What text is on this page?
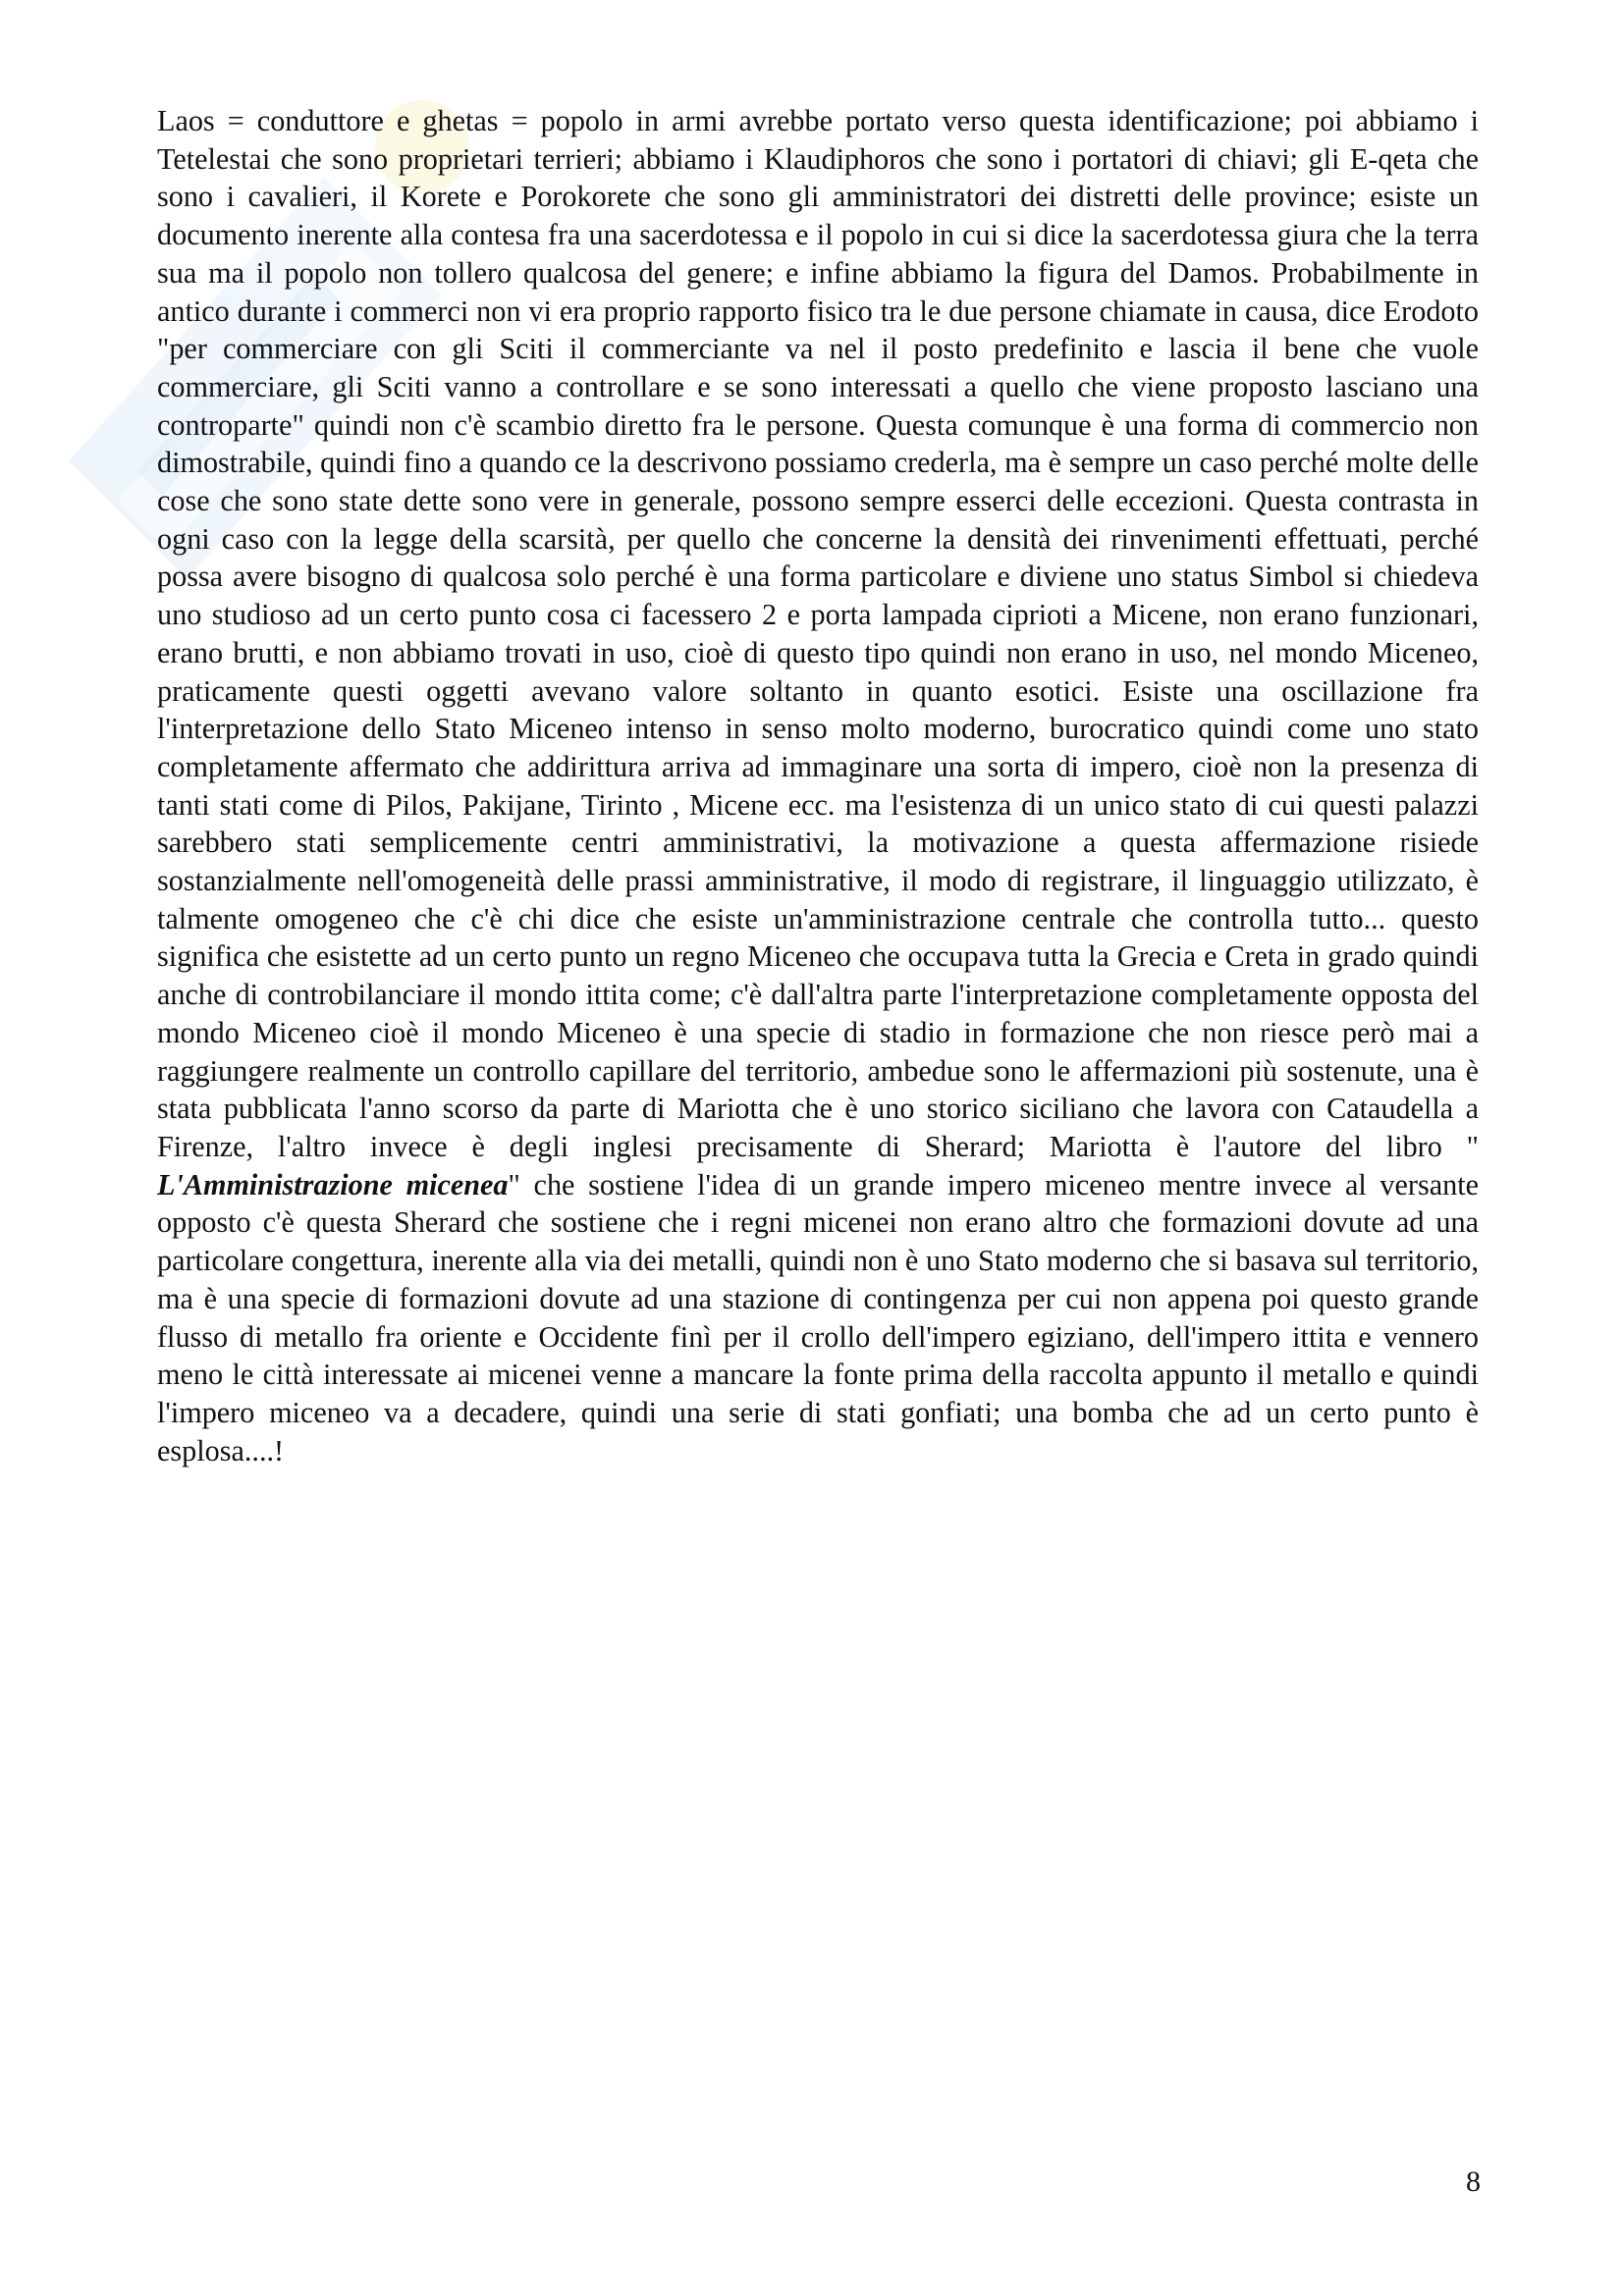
Laos = conduttore e ghetas = popolo in armi avrebbe portato verso questa identificazione; poi abbiamo i Tetelestai che sono proprietari terrieri; abbiamo i Klaudiphoros che sono i portatori di chiavi; gli E-qeta che sono i cavalieri, il Korete e Porokorete che sono gli amministratori dei distretti delle province; esiste un documento inerente alla contesa fra una sacerdotessa e il popolo in cui si dice la sacerdotessa giura che la terra sua ma il popolo non tollero qualcosa del genere; e infine abbiamo la figura del Damos. Probabilmente in antico durante i commerci non vi era proprio rapporto fisico tra le due persone chiamate in causa, dice Erodoto "per commerciare con gli Sciti il commerciante va nel il posto predefinito e lascia il bene che vuole commerciare, gli Sciti vanno a controllare e se sono interessati a quello che viene proposto lasciano una controparte" quindi non c'è scambio diretto fra le persone. Questa comunque è una forma di commercio non dimostrabile, quindi fino a quando ce la descrivono possiamo crederla, ma è sempre un caso perché molte delle cose che sono state dette sono vere in generale, possono sempre esserci delle eccezioni. Questa contrasta in ogni caso con la legge della scarsità, per quello che concerne la densità dei rinvenimenti effettuati, perché possa avere bisogno di qualcosa solo perché è una forma particolare e diviene uno status Simbol si chiedeva uno studioso ad un certo punto cosa ci facessero 2 e porta lampada ciprioti a Micene, non erano funzionari, erano brutti, e non abbiamo trovati in uso, cioè di questo tipo quindi non erano in uso, nel mondo Miceneo, praticamente questi oggetti avevano valore soltanto in quanto esotici. Esiste una oscillazione fra l'interpretazione dello Stato Miceneo intenso in senso molto moderno, burocratico quindi come uno stato completamente affermato che addirittura arriva ad immaginare una sorta di impero, cioè non la presenza di tanti stati come di Pilos, Pakijane, Tirinto , Micene ecc. ma l'esistenza di un unico stato di cui questi palazzi sarebbero stati semplicemente centri amministrativi, la motivazione a questa affermazione risiede sostanzialmente nell'omogeneità delle prassi amministrative, il modo di registrare, il linguaggio utilizzato, è talmente omogeneo che c'è chi dice che esiste un'amministrazione centrale che controlla tutto... questo significa che esistette ad un certo punto un regno Miceneo che occupava tutta la Grecia e Creta in grado quindi anche di controbilanciare il mondo ittita come; c'è dall'altra parte l'interpretazione completamente opposta del mondo Miceneo cioè il mondo Miceneo è una specie di stadio in formazione che non riesce però mai a raggiungere realmente un controllo capillare del territorio, ambedue sono le affermazioni più sostenute, una è stata pubblicata l'anno scorso da parte di Mariotta che è uno storico siciliano che lavora con Cataudella a Firenze, l'altro invece è degli inglesi precisamente di Sherard; Mariotta è l'autore del libro " L'Amministrazione micenea" che sostiene l'idea di un grande impero miceneo mentre invece al versante opposto c'è questa Sherard che sostiene che i regni micenei non erano altro che formazioni dovute ad una particolare congettura, inerente alla via dei metalli, quindi non è uno Stato moderno che si basava sul territorio, ma è una specie di formazioni dovute ad una stazione di contingenza per cui non appena poi questo grande flusso di metallo fra oriente e Occidente finì per il crollo dell'impero egiziano, dell'impero ittita e vennero meno le città interessate ai micenei venne a mancare la fonte prima della raccolta appunto il metallo e quindi l'impero miceneo va a decadere, quindi una serie di stati gonfiati; una bomba che ad un certo punto è esplosa....!

8
